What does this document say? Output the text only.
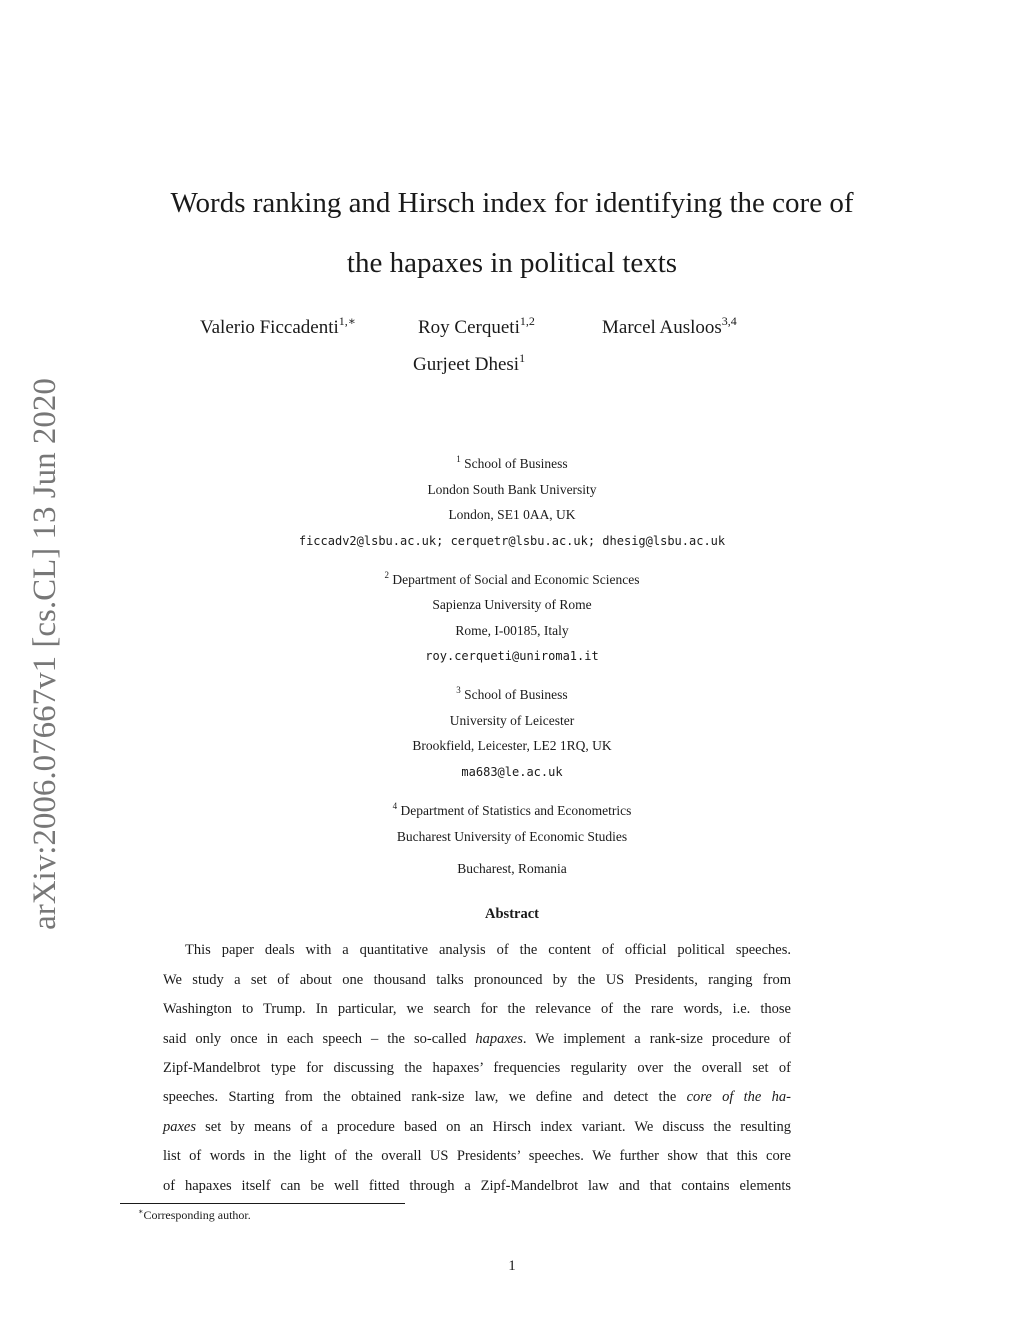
arXiv:2006.07667v1 [cs.CL] 13 Jun 2020
Words ranking and Hirsch index for identifying the core of
the hapaxes in political texts
Valerio Ficcadenti$^{1,∗}$	Roy Cerqueti$^{1,2}$	Marcel Ausloos$^{3,4}$
Gurjeet Dhesi$^1$
$^1$ School of Business
London South Bank University
London, SE1 0AA, UK
ficcadv2@lsbu.ac.uk; cerquetr@lsbu.ac.uk; dhesig@lsbu.ac.uk
$^2$ Department of Social and Economic Sciences
Sapienza University of Rome
Rome, I-00185, Italy
roy.cerqueti@uniroma1.it
$^3$ School of Business
University of Leicester
Brookfield, Leicester, LE2 1RQ, UK
ma683@le.ac.uk
$^4$ Department of Statistics and Econometrics
Bucharest University of Economic Studies
Bucharest, Romania
Abstract
This paper deals with a quantitative analysis of the content of official political speeches.
We study a set of about one thousand talks pronounced by the US Presidents, ranging from
Washington to Trump. In particular, we search for the relevance of the rare words, i.e. those
said only once in each speech – the so-called hapaxes. We implement a rank-size procedure of
Zipf-Mandelbrot type for discussing the hapaxes’ frequencies regularity over the overall set of
speeches. Starting from the obtained rank-size law, we define and detect the core of the ha-
paxes set by means of a procedure based on an Hirsch index variant. We discuss the resulting
list of words in the light of the overall US Presidents’ speeches. We further show that this core
of hapaxes itself can be well fitted through a Zipf-Mandelbrot law and that contains elements
∗Corresponding author.
1
